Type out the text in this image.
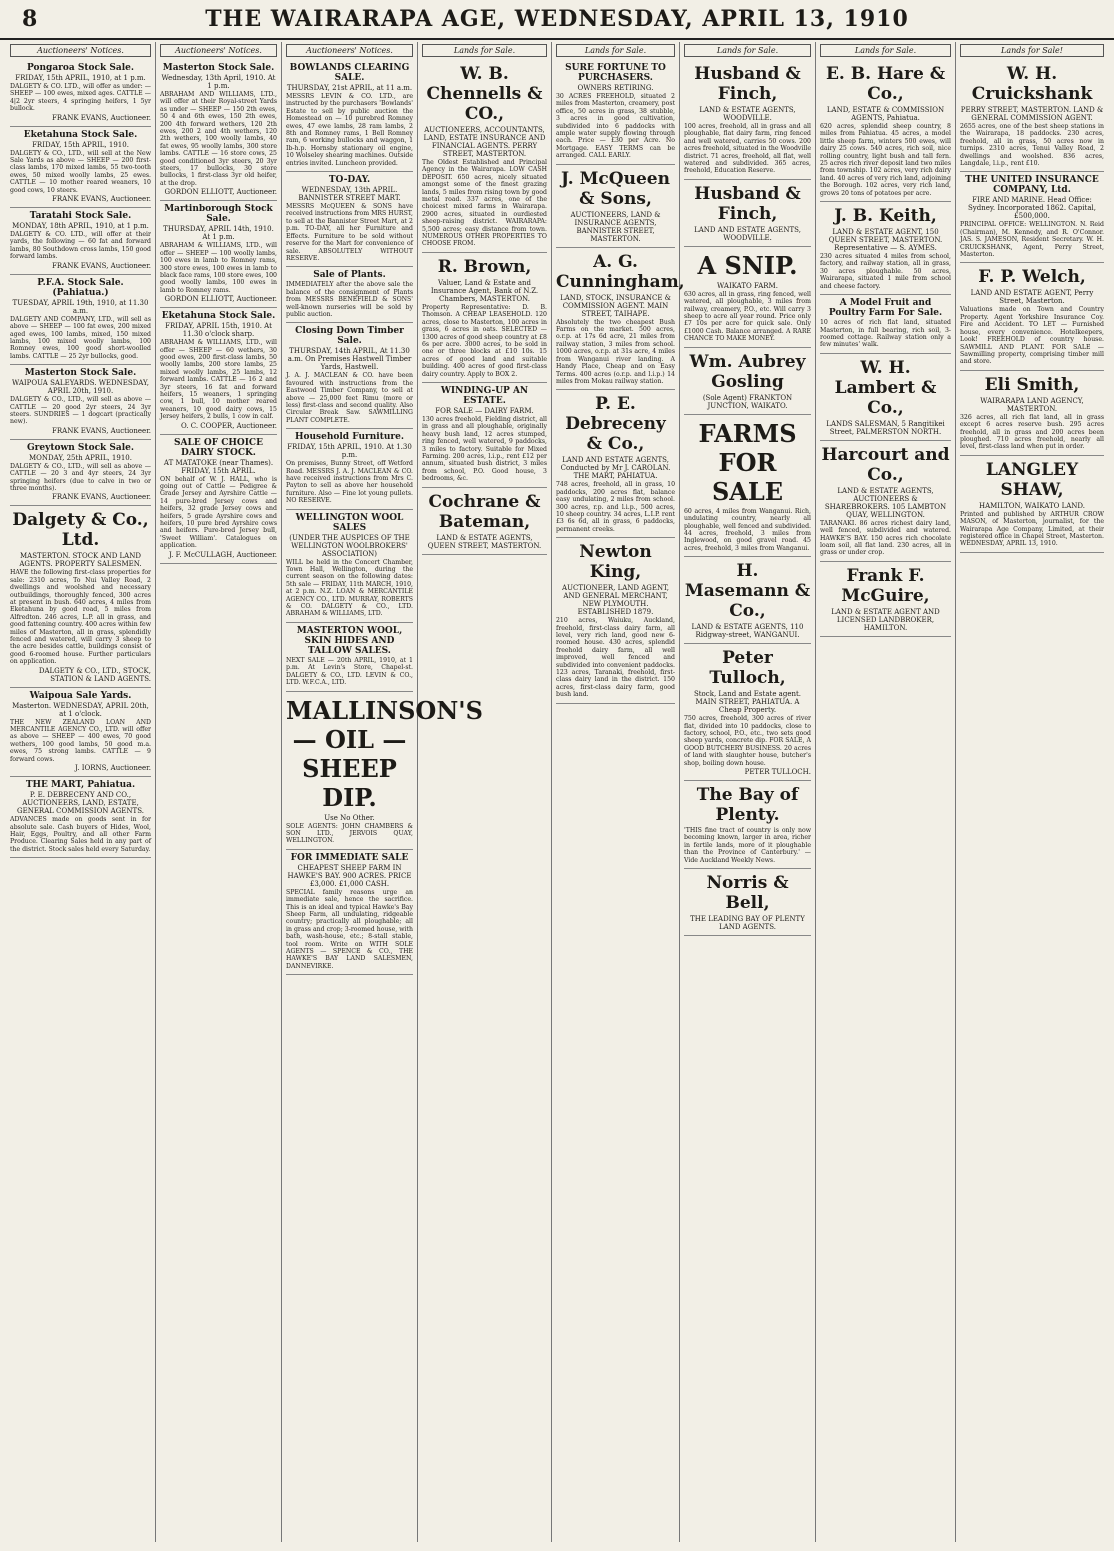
8	THE WAIRARAPA AGE, WEDNESDAY, APRIL 13, 1910
Auctioneers' Notices.
Pongaroa Stock Sale.
FRIDAY, 15th APRIL, 1910, at 1 p.m.
DALGETY & CO. LTD., will offer as under: — SHEEP — 100 ewes, mixed ages. CATTLE — 4|2 2yr steers, 4 springing heifers, 1 5yr bullock.
FRANK EVANS, Auctioneer.
Eketahuna Stock Sale.
FRIDAY, 15th APRIL, 1910.
DALGETY & CO., LTD., will sell at the New Sale Yards as above — SHEEP — 200 first-class lambs, 170 mixed lambs, 55 two-tooth ewes, 50 mixed woolly lambs, 25 ewes. CATTLE — 10 mother reared weaners, 10 good cows, 10 steers.
FRANK EVANS, Auctioneer.
Taratahi Stock Sale.
MONDAY, 18th APRIL, 1910, at 1 p.m.
DALGETY & CO. LTD., will offer at their yards, the following — 60 fat and forward lambs, 80 Southdown cross lambs, 150 good forward lambs.
FRANK EVANS, Auctioneer.
P.F.A. Stock Sale. (Pahiatua.)
TUESDAY, APRIL 19th, 1910, at 11.30 a.m.
DALGETY AND COMPANY, LTD., will sell as above — SHEEP — 100 fat ewes, 200 mixed aged ewes, 100 lambs, mixed, 150 mixed lambs, 100 mixed woolly lambs, 100 Romney ewes, 100 good short-woolled lambs. CATTLE — 25 2yr bullocks, good.
Masterton Stock Sale.
WAIPOUA SALEYARDS. WEDNESDAY, APRIL 20th, 1910.
DALGETY & CO., LTD., will sell as above — CATTLE — 20 good 2yr steers, 24 3yr steers. SUNDRIES — 1 dogcart (practically new).
FRANK EVANS, Auctioneer.
Greytown Stock Sale.
MONDAY, 25th APRIL, 1910.
DALGETY & CO., LTD., will sell as above — CATTLE — 20 3 and 4yr steers, 24 3yr springing heifers (due to calve in two or three months).
FRANK EVANS, Auctioneer.
Dalgety & Co., Ltd.
MASTERTON. STOCK AND LAND AGENTS. PROPERTY SALESMEN.
HAVE the following first-class properties for sale: 2310 acres, To Nui Valley Road, 2 dwellings and woolshed and necessary outbuildings, thoroughly fenced, 300 acres at present in bush. 640 acres, 4 miles from Eketahuna by good road, 5 miles from Alfredton. 246 acres, L.P. all in grass, and good fattening country. 400 acres within few miles of Masterton, all in grass, splendidly fenced and watered, will carry 3 sheep to the acre besides cattle, buildings consist of good 6-roomed house. Further particulars on application.
DALGETY & CO., LTD., STOCK, STATION & LAND AGENTS.
Waipoua Sale Yards.
Masterton. WEDNESDAY, APRIL 20th, at 1 o'clock.
THE NEW ZEALAND LOAN AND MERCANTILE AGENCY CO., LTD. will offer as above — SHEEP — 400 ewes, 70 good wethers, 100 good lambs, 50 good m.a. ewes, 75 strong lambs. CATTLE — 9 forward cows.
J. IORNS, Auctioneer.
THE MART, Pahiatua.
P. E. DEBRECENY AND CO., AUCTIONEERS, LAND, ESTATE, GENERAL COMMISSION AGENTS.
ADVANCES made on goods sent in for absolute sale. Cash buyers of Hides, Wool, Hair, Eggs, Poultry, and all other Farm Produce. Clearing Sales held in any part of the district. Stock sales held every Saturday.
Auctioneers' Notices.
Masterton Stock Sale.
Wednesday, 13th April, 1910. At 1 p.m.
ABRAHAM AND WILLIAMS, LTD., will offer at their Royal-street Yards as under — SHEEP — 150 2th ewes, 50 4 and 6th ewes, 150 2th ewes, 200 4th forward wethers, 120 2th ewes, 200 2 and 4th wethers, 120 2th wethers, 100 woolly lambs, 40 fat ewes, 95 woolly lambs, 300 store lambs. CATTLE — 16 store cows, 25 good conditioned 3yr steers, 20 3yr steers, 17 bullocks, 30 store bullocks, 1 first-class 3yr old heifer, at the drop.
GORDON ELLIOTT, Auctioneer.
Martinborough Stock Sale.
THURSDAY, APRIL 14th, 1910. At 1 p.m.
ABRAHAM & WILLIAMS, LTD., will offer — SHEEP — 100 woolly lambs, 100 ewes in lamb to Romney rams, 300 store ewes, 100 ewes in lamb to black face rams, 100 store ewes, 100 good woolly lambs, 100 ewes in lamb to Romney rams.
GORDON ELLIOTT, Auctioneer.
Eketahuna Stock Sale.
FRIDAY, APRIL 15th, 1910. At 11.30 o'clock sharp.
ABRAHAM & WILLIAMS, LTD., will offer — SHEEP — 60 wethers, 30 good ewes, 200 first-class lambs, 50 woolly lambs, 200 store lambs, 25 mixed woolly lambs, 25 lambs, 12 forward lambs. CATTLE — 16 2 and 3yr steers, 16 fat and forward heifers, 15 weaners, 1 springing cow, 1 bull, 10 mother reared weaners, 10 good dairy cows, 15 Jersey heifers, 2 bulls, 1 cow in calf.
O. C. COOPER, Auctioneer.
SALE OF CHOICE DAIRY STOCK.
AT MATATOKE (near Thames). FRIDAY, 15th APRIL.
ON behalf of W. J. HALL, who is going out of Cattle — Pedigree & Grade Jersey and Ayrshire Cattle — 14 pure-bred Jersey cows and heifers, 32 grade Jersey cows and heifers, 5 grade Ayrshire cows and heifers, 10 pure bred Ayrshire cows and heifers. Pure-bred Jersey bull, 'Sweet William'. Catalogues on application.
J. F. McCULLAGH, Auctioneer.
Auctioneers' Notices.
BOWLANDS CLEARING SALE.
THURSDAY, 21st APRIL, at 11 a.m.
MESSRS LEVIN & CO. LTD., are instructed by the purchasers 'Bowlands' Estate to sell by public auction the Homestead on — 10 purebred Romney ewes, 47 ewe lambs, 28 ram lambs, 2 8th and Romney rams, 1 Bell Romney ram, 6 working bullocks and waggon, 1 Ib-h.p. Hornsby stationary oil engine, 10 Wolseley shearing machines. Outside entries invited. Luncheon provided.
TO-DAY.
WEDNESDAY, 13th APRIL. BANNISTER STREET MART.
MESSRS McQUEEN & SONS have received instructions from MRS HURST, to sell at the Bannister Street Mart, at 2 p.m. TO-DAY, all her Furniture and Effects. Furniture to be sold without reserve for the Mart for convenience of sale. ABSOLUTELY WITHOUT RESERVE.
Sale of Plants.
IMMEDIATELY after the above sale the balance of the consignment of Plants from MESSRS BENEFIELD & SONS' well-known nurseries will be sold by public auction.
Closing Down Timber Sale.
THURSDAY, 14th APRIL, At 11.30 a.m. On Premises Hastwell Timber Yards, Hastwell.
J. A. J. MACLEAN & CO. have been favoured with instructions from the Eastwood Timber Company, to sell at above — 25,000 feet Rimu (more or less) first-class and second quality. Also Circular Break Saw. SAWMILLING PLANT COMPLETE.
Household Furniture.
FRIDAY, 15th APRIL, 1910. At 1.30 p.m.
On premises, Bunny Street, off Wetford Road. MESSRS J. A. J. MACLEAN & CO. have received instructions from Mrs C. Payton to sell as above her household furniture. Also — Fine lot young pullets. NO RESERVE.
WELLINGTON WOOL SALES
(UNDER THE AUSPICES OF THE WELLINGTON WOOLBROKERS' ASSOCIATION)
WILL be held in the Concert Chamber, Town Hall, Wellington, during the current season on the following dates: 5th sale — FRIDAY, 11th MARCH, 1910, at 2 p.m. N.Z. LOAN & MERCANTILE AGENCY CO., LTD. MURRAY, ROBERTS & CO. DALGETY & CO., LTD. ABRAHAM & WILLIAMS, LTD.
MASTERTON WOOL, SKIN HIDES AND TALLOW SALES.
NEXT SALE — 20th APRIL, 1910, at 1 p.m. At Levin's Store, Chapel-st. DALGETY & CO., LTD. LEVIN & CO., LTD. W.F.C.A., LTD.
MALLINSON'S — OIL — SHEEP DIP.
Use No Other.
SOLE AGENTS: JOHN CHAMBERS & SON LTD., JERVOIS QUAY, WELLINGTON.
FOR IMMEDIATE SALE
CHEAPEST SHEEP FARM IN HAWKE'S BAY. 900 ACRES. PRICE £3,000. £1,000 CASH.
SPECIAL family reasons urge an immediate sale, hence the sacrifice. This is an ideal and typical Hawke's Bay Sheep Farm, all undulating, ridgeable country; practically all ploughable; all in grass and crop; 3-roomed house, with bath, wash-house, etc.; 8-stall stable, tool room. Write on WITH SOLE AGENTS — SPENCE & CO., THE HAWKE'S BAY LAND SALESMEN, DANNEVIRKE.
Lands for Sale.
W. B. Chennells & CO.,
AUCTIONEERS, ACCOUNTANTS, LAND, ESTATE INSURANCE AND FINANCIAL AGENTS. PERRY STREET, MASTERTON.
The Oldest Established and Principal Agency in the Wairarapa. LOW CASH DEPOSIT. 650 acres, nicely situated amongst some of the finest grazing lands, 5 miles from rising town by good metal road. 337 acres, one of the choicest mixed farms in Wairarapa. 2900 acres, situated in ourdiested sheep-raising district. WAIRARAPA: 5,500 acres; easy distance from town. NUMEROUS OTHER PROPERTIES TO CHOOSE FROM.
R. Brown,
Valuer, Land & Estate and Insurance Agent, Bank of N.Z. Chambers, MASTERTON.
Property Representative: D. B. Thomson. A CHEAP LEASEHOLD. 120 acres, close to Masterton, 100 acres in grass, 6 acres in oats. SELECTED — 1300 acres of good sheep country at £8 6s per acre. 3000 acres, to be sold in one or three blocks at £10 10s. 15 acres of good land and suitable building. 400 acres of good first-class dairy country. Apply to BOX 2.
WINDING-UP AN ESTATE.
FOR SALE — DAIRY FARM.
130 acres freehold, Fielding district, all in grass and all ploughable, originally heavy bush land, 12 acres stumped, ring fenced, well watered, 9 paddocks, 3 miles to factory. Suitable for Mixed Farming. 200 acres, l.i.p., rent £12 per annum, situated bush district, 3 miles from school, P.O. Good house, 3 bedrooms, &c.
Cochrane & Bateman,
LAND & ESTATE AGENTS, QUEEN STREET, MASTERTON.
Lands for Sale.
SURE FORTUNE TO PURCHASERS.
OWNERS RETIRING.
30 ACRES FREEHOLD, situated 2 miles from Masterton, creamery, post office, 50 acres in grass, 38 stubble, 3 acres in good cultivation, subdivided into 6 paddocks with ample water supply flowing through each. Price — £30 per Acre. No Mortgage. EASY TERMS can be arranged. CALL EARLY.
J. McQueen & Sons,
AUCTIONEERS, LAND & INSURANCE AGENTS, BANNISTER STREET, MASTERTON.
A. G. Cunningham,
LAND, STOCK, INSURANCE & COMMISSION AGENT. MAIN STREET, TAIHAPE.
Absolutely the two cheapest Bush Farms on the market. 500 acres, o.r.p. at 17s 6d acre, 21 miles from railway station, 3 miles from school. 1000 acres, o.r.p. at 31s acre, 4 miles from Wanganui river landing. A Handy Place, Cheap and on Easy Terms. 400 acres (o.r.p. and l.i.p.) 14 miles from Mokau railway station.
P. E. Debreceny & Co.,
LAND AND ESTATE AGENTS, Conducted by Mr J. CAROLAN. THE MART, PAHIATUA.
748 acres, freehold, all in grass, 10 paddocks, 200 acres flat, balance easy undulating, 2 miles from school. 300 acres, r.p. and l.i.p., 500 acres, 10 sheep country. 34 acres, L.I.P. rent £3 6s 6d, all in grass, 6 paddocks, permanent creeks.
Newton King,
AUCTIONEER, LAND AGENT, AND GENERAL MERCHANT, NEW PLYMOUTH. ESTABLISHED 1879.
210 acres, Waiuku, Auckland, freehold, first-class dairy farm, all level, very rich land, good new 6-roomed house. 430 acres, splendid freehold dairy farm, all well improved, well fenced and subdivided into convenient paddocks. 123 acres, Taranaki, freehold, first-class dairy land in the district. 150 acres, first-class dairy farm, good bush land.
Lands for Sale.
Husband & Finch,
LAND & ESTATE AGENTS, WOODVILLE.
100 acres, freehold, all in grass and all ploughable, flat dairy farm, ring fenced and well watered, carries 50 cows. 200 acres freehold, situated in the Woodville district. 71 acres, freehold, all flat, well watered and subdivided. 365 acres, freehold, Education Reserve.
Husband & Finch,
LAND AND ESTATE AGENTS, WOODVILLE.
A SNIP.
WAIKATO FARM.
630 acres, all in grass, ring fenced, well watered, all ploughable, 3 miles from railway, creamery, P.O., etc. Will carry 3 sheep to acre all year round. Price only £7 10s per acre for quick sale. Only £1000 Cash. Balance arranged. A RARE CHANCE TO MAKE MONEY.
Wm. Aubrey Gosling
(Sole Agent) FRANKTON JUNCTION, WAIKATO.
FARMS FOR SALE
60 acres, 4 miles from Wanganui. Rich, undulating country, nearly all ploughable, well fenced and subdivided. 44 acres, freehold, 3 miles from Inglewood, on good gravel road. 45 acres, freehold, 3 miles from Wanganui.
H. Masemann & Co.,
LAND & ESTATE AGENTS, 110 Ridgway-street, WANGANUI.
Peter Tulloch,
Stock, Land and Estate agent. MAIN STREET, PAHIATUA. A Cheap Property.
750 acres, freehold, 300 acres of river flat, divided into 10 paddocks, close to factory, school, P.O., etc., two sets good sheep yards, concrete dip. FOR SALE, A GOOD BUTCHERY BUSINESS. 20 acres of land with slaughter house, butcher's shop, boiling down house.
PETER TULLOCH.
The Bay of Plenty.
'THIS fine tract of country is only now becoming known, larger in area, richer in fertile lands, more of it ploughable than the Province of Canterbury.' — Vide Auckland Weekly News.
Norris & Bell,
THE LEADING BAY OF PLENTY LAND AGENTS.
Lands for Sale.
E. B. Hare & Co.,
LAND, ESTATE & COMMISSION AGENTS, Pahiatua.
620 acres, splendid sheep country, 8 miles from Pahiatua. 45 acres, a model little sheep farm, winters 500 ewes, will dairy 25 cows. 540 acres, rich soil, nice rolling country, light bush and tall fern. 25 acres rich river deposit land two miles from township. 102 acres, very rich dairy land. 40 acres of very rich land, adjoining the Borough. 102 acres, very rich land, grows 20 tons of potatoes per acre.
J. B. Keith,
LAND & ESTATE AGENT, 150 QUEEN STREET, MASTERTON. Representative — S. AYMES.
230 acres situated 4 miles from school, factory, and railway station, all in grass, 30 acres ploughable. 50 acres, Wairarapa, situated 1 mile from school and cheese factory.
A Model Fruit and Poultry Farm For Sale.
10 acres of rich flat land, situated Masterton, in full bearing, rich soil, 3-roomed cottage. Railway station only a few minutes' walk.
W. H. Lambert & Co.,
LANDS SALESMAN, 5 Rangitikei Street, PALMERSTON NORTH.
Harcourt and Co.,
LAND & ESTATE AGENTS, AUCTIONEERS & SHAREBROKERS. 105 LAMBTON QUAY, WELLINGTON.
TARANAKI. 86 acres richest dairy land, well fenced, subdivided and watered. HAWKE'S BAY. 150 acres rich chocolate loam soil, all flat land. 230 acres, all in grass or under crop.
Frank F. McGuire,
LAND & ESTATE AGENT AND LICENSED LANDBROKER, HAMILTON.
Lands for Sale!
W. H. Cruickshank
PERRY STREET, MASTERTON. LAND & GENERAL COMMISSION AGENT.
2655 acres, one of the best sheep stations in the Wairarapa, 18 paddocks. 230 acres, freehold, all in grass, 50 acres now in turnips. 2310 acres, Tenui Valley Road, 2 dwellings and woolshed. 836 acres, Langdale, l.i.p., rent £10.
THE UNITED INSURANCE COMPANY, Ltd.
FIRE AND MARINE. Head Office: Sydney. Incorporated 1862. Capital, £500,000.
PRINCIPAL OFFICE: WELLINGTON. N. Reid (Chairman), M. Kennedy, and R. O'Connor. JAS. S. JAMESON, Resident Secretary. W. H. CRUICKSHANK, Agent, Perry Street, Masterton.
F. P. Welch,
LAND AND ESTATE AGENT, Perry Street, Masterton.
Valuations made on Town and Country Property. Agent Yorkshire Insurance Coy. Fire and Accident. TO LET — Furnished house, every convenience. Hotelkeepers, Look! FREEHOLD of country house. SAWMILL AND PLANT. FOR SALE — Sawmilling property, comprising timber mill and store.
Eli Smith,
WAIRARAPA LAND AGENCY, MASTERTON.
326 acres, all rich flat land, all in grass except 6 acres reserve bush. 295 acres freehold, all in grass and 200 acres been ploughed. 710 acres freehold, nearly all level, first-class land when put in order.
LANGLEY SHAW,
HAMILTON, WAIKATO LAND.
Printed and published by ARTHUR CROW MASON, of Masterton, journalist, for the Wairarapa Age Company, Limited, at their registered office in Chapel Street, Masterton. WEDNESDAY, APRIL 13, 1910.
